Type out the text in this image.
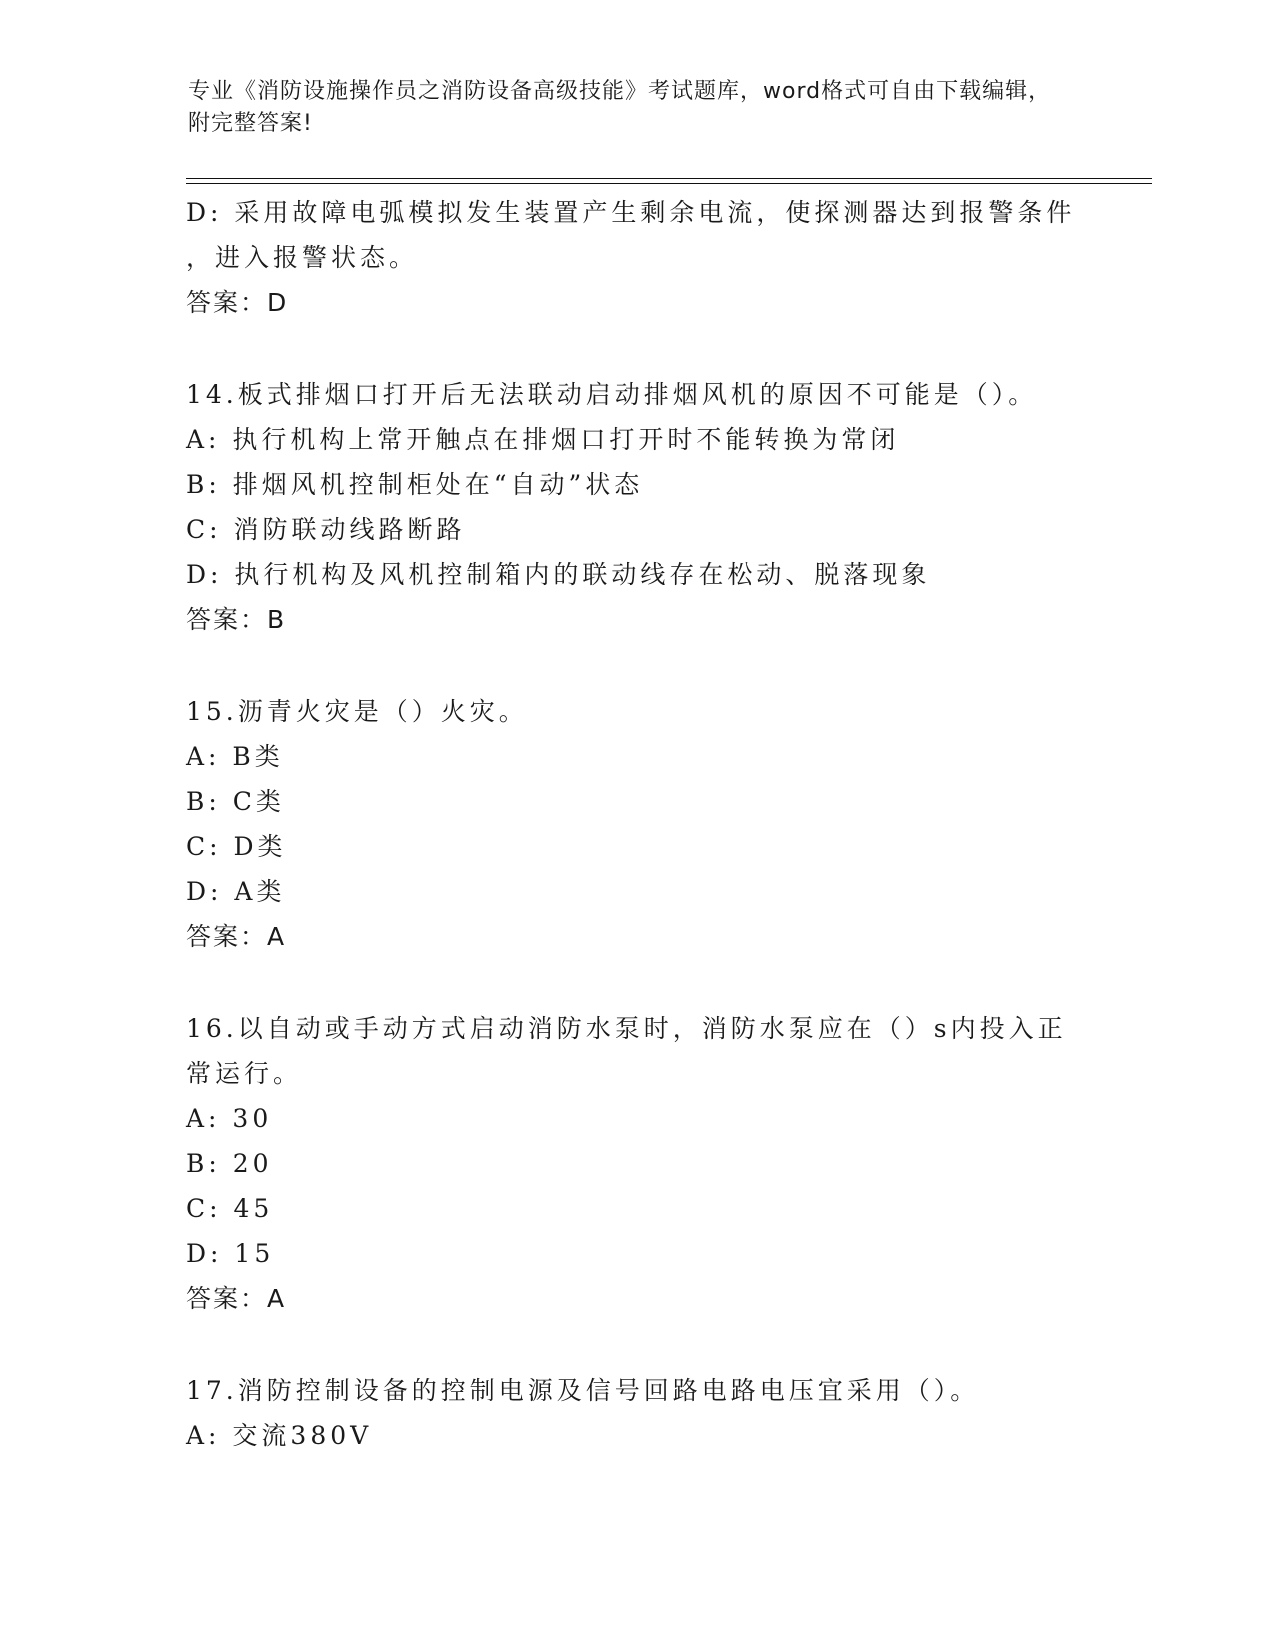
专业《消防设施操作员之消防设备高级技能》考试题库，word格式可自由下载编辑，附完整答案!
D: 采用故障电弧模拟发生装置产生剩余电流，使探测器达到报警条件
，进入报警状态。
答案：D
14.板式排烟口打开后无法联动启动排烟风机的原因不可能是（）。
A: 执行机构上常开触点在排烟口打开时不能转换为常闭
B: 排烟风机控制柜处在“自动”状态
C: 消防联动线路断路
D: 执行机构及风机控制箱内的联动线存在松动、脱落现象
答案：B
15.沥青火灾是（）火灾。
A: B类
B: C类
C: D类
D: A类
答案：A
16.以自动或手动方式启动消防水泵时，消防水泵应在（）s内投入正
常运行。
A: 30
B: 20
C: 45
D: 15
答案：A
17.消防控制设备的控制电源及信号回路电路电压宜采用（）。
A: 交流380V
